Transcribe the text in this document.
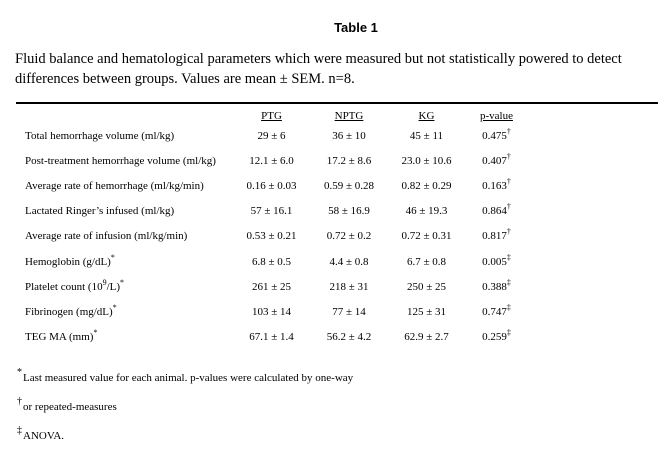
Table 1
Fluid balance and hematological parameters which were measured but not statistically powered to detect
differences between groups. Values are mean ± SEM. n=8.
	PTG	NPTG	KG	p-value
Total hemorrhage volume (ml/kg)	29 ± 6	36 ± 10	45 ± 11	0.475†
Post-treatment hemorrhage volume (ml/kg)	12.1 ± 6.0	17.2 ± 8.6	23.0 ± 10.6	0.407†
Average rate of hemorrhage (ml/kg/min)	0.16 ± 0.03	0.59 ± 0.28	0.82 ± 0.29	0.163†
Lactated Ringer’s infused (ml/kg)	57 ± 16.1	58 ± 16.9	46 ± 19.3	0.864†
Average rate of infusion (ml/kg/min)	0.53 ± 0.21	0.72 ± 0.2	0.72 ± 0.31	0.817†
Hemoglobin (g/dL)*	6.8 ± 0.5	4.4 ± 0.8	6.7 ± 0.8	0.005‡
Platelet count $(10^9/L)^*$	261 ± 25	218 ± 31	250 ± 25	0.388‡
Fibrinogen (mg/dL)*	103 ± 14	77 ± 14	125 ± 31	0.747‡
TEG MA (mm)*	67.1 ± 1.4	56.2 ± 4.2	62.9 ± 2.7	0.259‡
*Last measured value for each animal. p-values were calculated by one-way
†or repeated-measures
‡ANOVA.
